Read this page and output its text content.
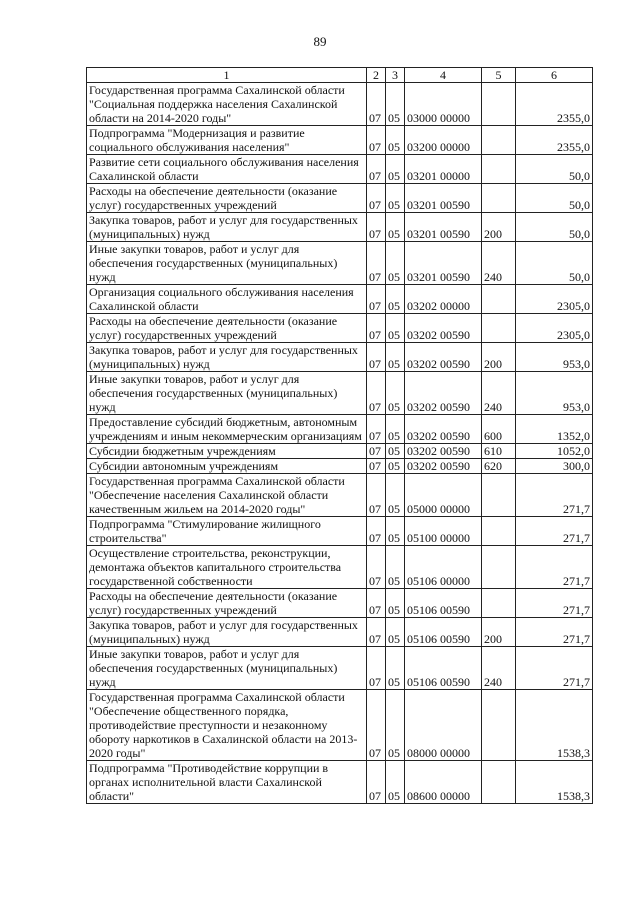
89
1	2	3	4	5	6
Государственная программа Сахалинской области "Социальная поддержка населения Сахалинской области на 2014-2020 годы"	07	05	03000 00000		2355,0
Подпрограмма "Модернизация и развитие социального обслуживания населения"	07	05	03200 00000		2355,0
Развитие сети социального обслуживания населения Сахалинской области	07	05	03201 00000		50,0
Расходы на обеспечение деятельности (оказание услуг) государственных учреждений	07	05	03201 00590		50,0
Закупка товаров, работ и услуг для государственных (муниципальных) нужд	07	05	03201 00590	200	50,0
Иные закупки товаров, работ и услуг для обеспечения государственных (муниципальных) нужд	07	05	03201 00590	240	50,0
Организация социального обслуживания населения Сахалинской области	07	05	03202 00000		2305,0
Расходы на обеспечение деятельности (оказание услуг) государственных учреждений	07	05	03202 00590		2305,0
Закупка товаров, работ и услуг для государственных (муниципальных) нужд	07	05	03202 00590	200	953,0
Иные закупки товаров, работ и услуг для обеспечения государственных (муниципальных) нужд	07	05	03202 00590	240	953,0
Предоставление субсидий бюджетным, автономным учреждениям и иным некоммерческим организациям	07	05	03202 00590	600	1352,0
Субсидии бюджетным учреждениям	07	05	03202 00590	610	1052,0
Субсидии автономным учреждениям	07	05	03202 00590	620	300,0
Государственная программа Сахалинской области "Обеспечение населения Сахалинской области качественным жильем на 2014-2020 годы"	07	05	05000 00000		271,7
Подпрограмма "Стимулирование жилищного строительства"	07	05	05100 00000		271,7
Осуществление строительства, реконструкции, демонтажа объектов капитального строительства государственной собственности	07	05	05106 00000		271,7
Расходы на обеспечение деятельности (оказание услуг) государственных учреждений	07	05	05106 00590		271,7
Закупка товаров, работ и услуг для государственных (муниципальных) нужд	07	05	05106 00590	200	271,7
Иные закупки товаров, работ и услуг для обеспечения государственных (муниципальных) нужд	07	05	05106 00590	240	271,7
Государственная программа Сахалинской области "Обеспечение общественного порядка, противодействие преступности и незаконному обороту наркотиков в Сахалинской области на 2013-2020 годы"	07	05	08000 00000		1538,3
Подпрограмма "Противодействие коррупции в органах исполнительной власти Сахалинской области"	07	05	08600 00000		1538,3
